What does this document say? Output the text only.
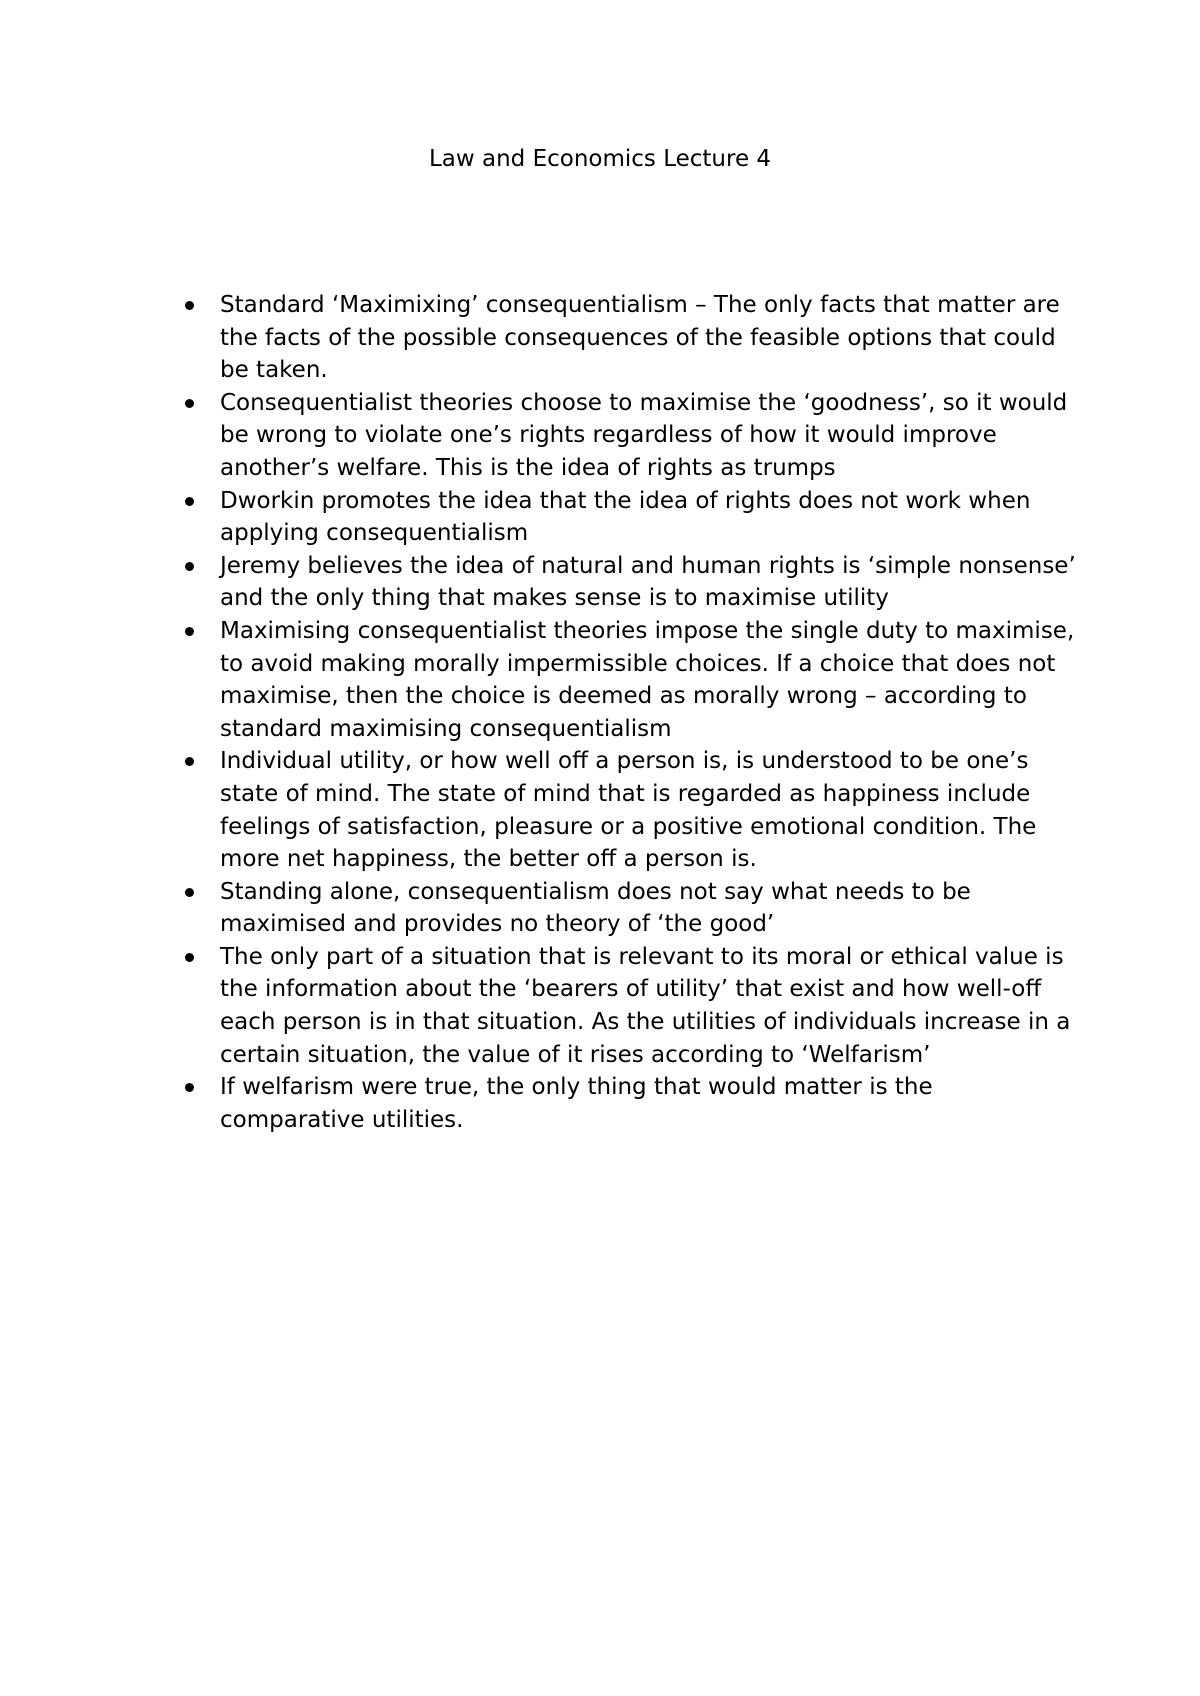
Law and Economics Lecture 4
Standard ‘Maximixing’ consequentialism – The only facts that matter are the facts of the possible consequences of the feasible options that could be taken.
Consequentialist theories choose to maximise the ‘goodness’, so it would be wrong to violate one’s rights regardless of how it would improve another’s welfare. This is the idea of rights as trumps
Dworkin promotes the idea that the idea of rights does not work when applying consequentialism
Jeremy believes the idea of natural and human rights is ‘simple nonsense’ and the only thing that makes sense is to maximise utility
Maximising consequentialist theories impose the single duty to maximise, to avoid making morally impermissible choices. If a choice that does not maximise, then the choice is deemed as morally wrong – according to standard maximising consequentialism
Individual utility, or how well off a person is, is understood to be one’s state of mind. The state of mind that is regarded as happiness include feelings of satisfaction, pleasure or a positive emotional condition. The more net happiness, the better off a person is.
Standing alone, consequentialism does not say what needs to be maximised and provides no theory of ‘the good’
The only part of a situation that is relevant to its moral or ethical value is the information about the ‘bearers of utility’ that exist and how well-off each person is in that situation. As the utilities of individuals increase in a certain situation, the value of it rises according to ‘Welfarism’
If welfarism were true, the only thing that would matter is the comparative utilities.
